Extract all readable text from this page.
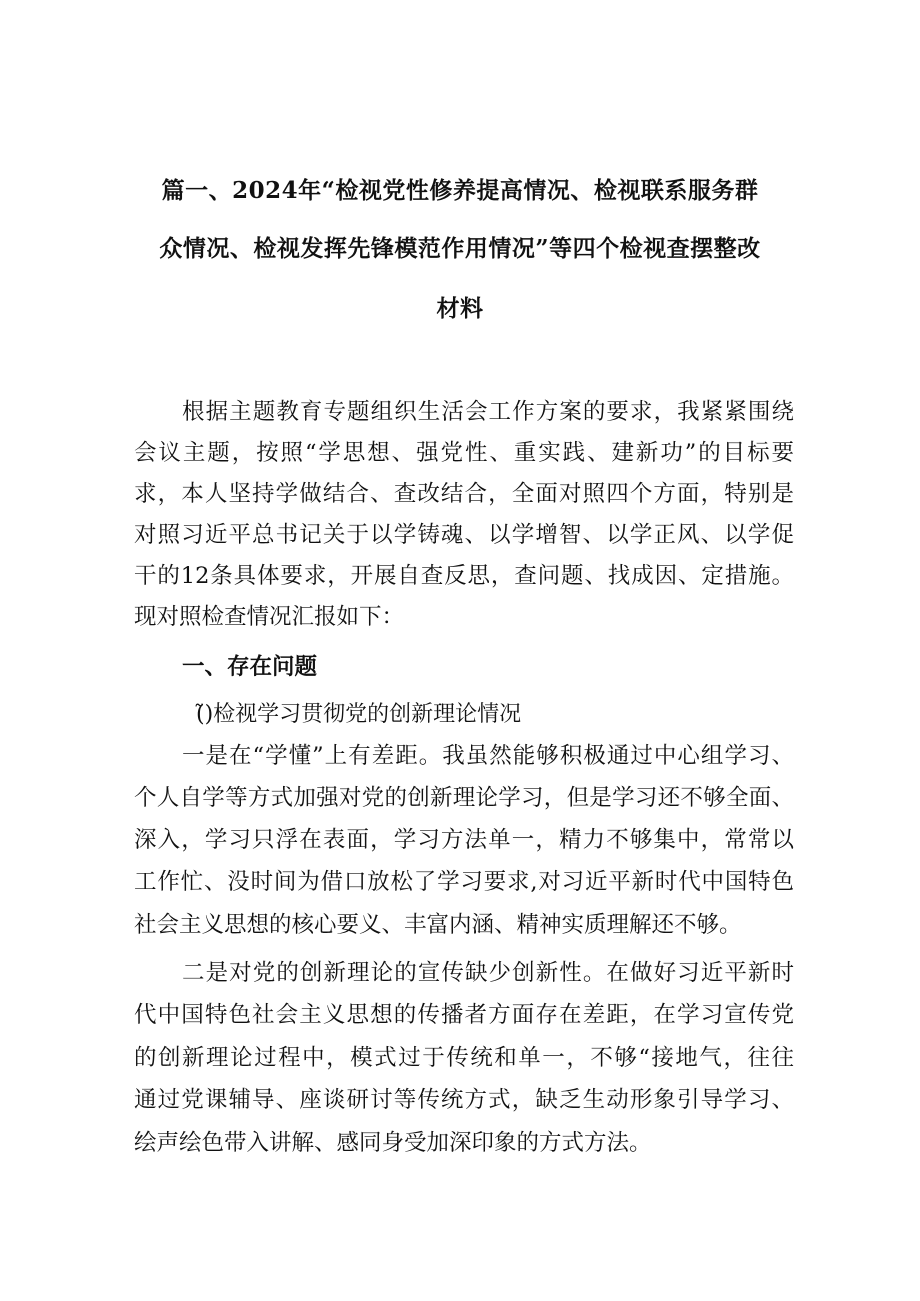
篇一、2024年“检视党性修养提高情况、检视联系服务群
众情况、检视发挥先锋模范作用情况”等四个检视查摆整改
材料
根据主题教育专题组织生活会工作方案的要求，我紧紧围绕
会议主题，按照“学思想、强党性、重实践、建新功”的目标要
求，本人坚持学做结合、查改结合，全面对照四个方面，特别是
对照习近平总书记关于以学铸魂、以学增智、以学正风、以学促
干的12条具体要求，开展自查反思，查问题、找成因、定措施。
现对照检查情况汇报如下：
一、存在问题
(̃)检视学习贯彻党的创新理论情况
一是在“学懂”上有差距。我虽然能够积极通过中心组学习、
个人自学等方式加强对党的创新理论学习，但是学习还不够全面、
深入，学习只浮在表面，学习方法单一，精力不够集中，常常以
工作忙、没时间为借口放松了学习要求,对习近平新时代中国特色
社会主义思想的核心要义、丰富内涵、精神实质理解还不够。
二是对党的创新理论的宣传缺少创新性。在做好习近平新时
代中国特色社会主义思想的传播者方面存在差距，在学习宣传党
的创新理论过程中，模式过于传统和单一，不够“接地气，往往
通过党课辅导、座谈研讨等传统方式，缺乏生动形象引导学习、
绘声绘色带入讲解、感同身受加深印象的方式方法。
